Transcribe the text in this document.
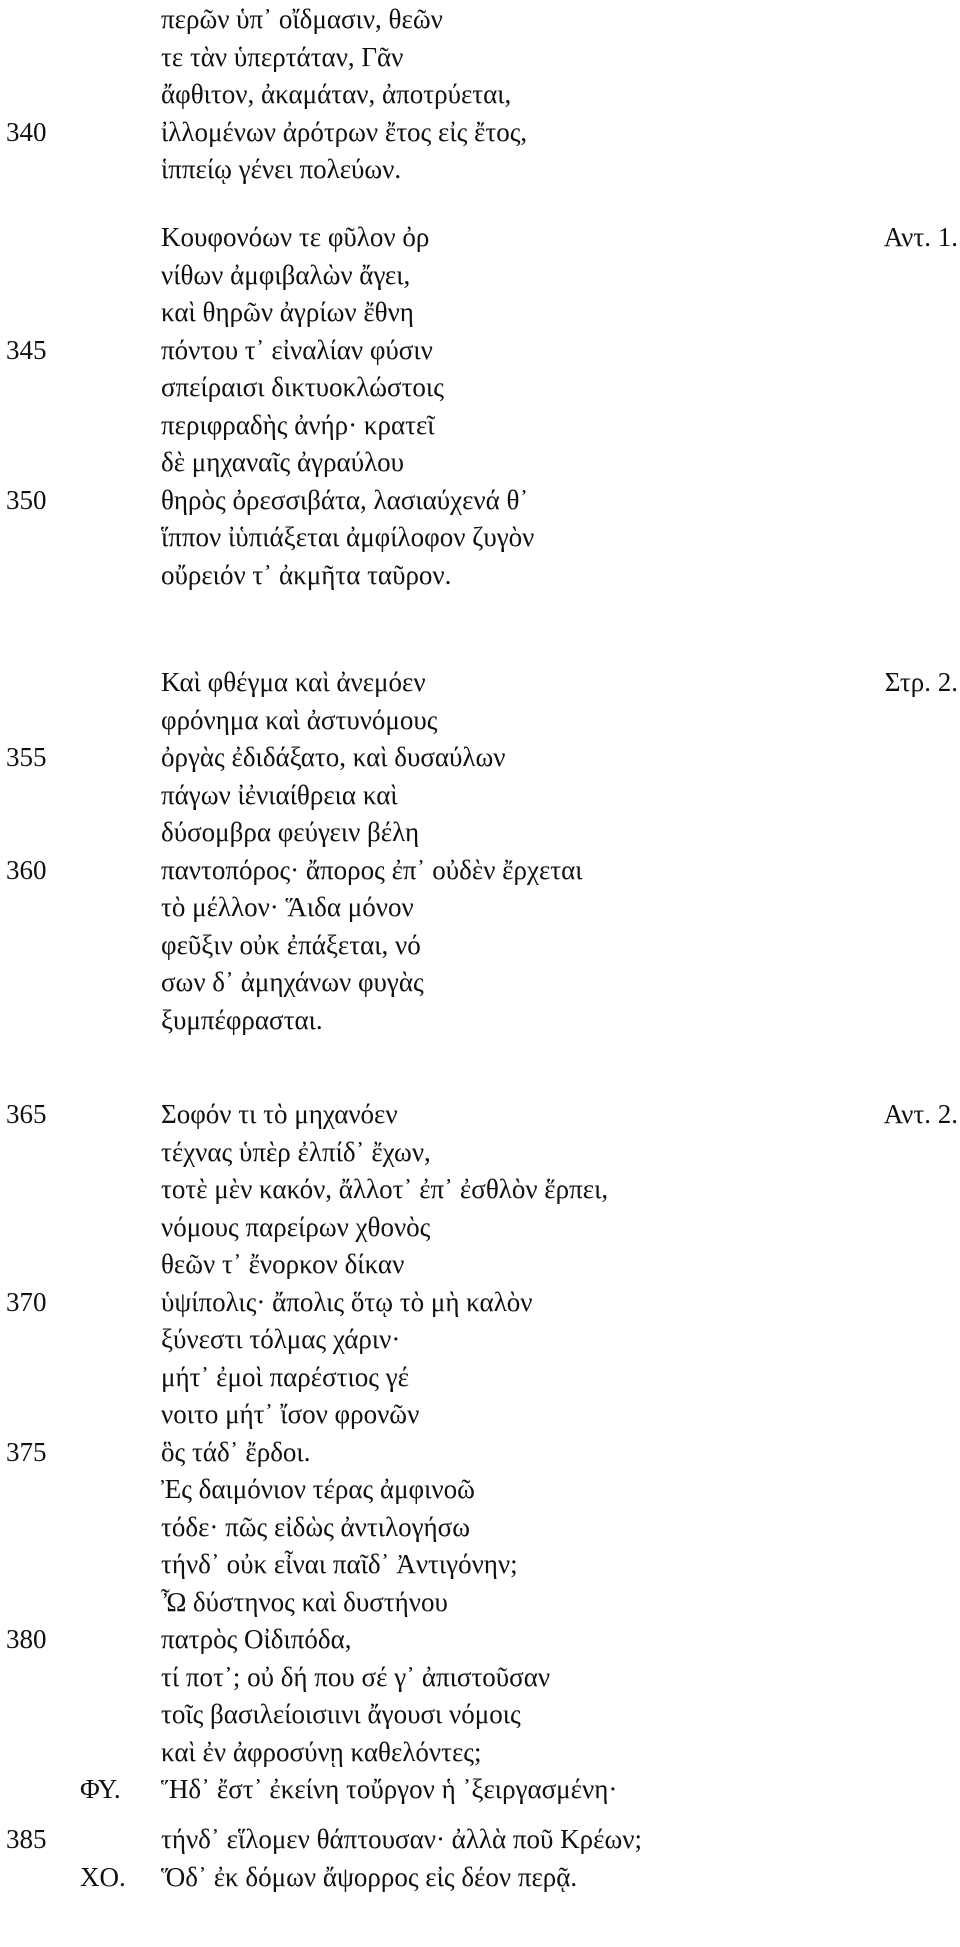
περῶν ὑπ᾽ οἴδμασιν, θεῶν
τε τὰν ὑπερτάταν, Γᾶν
ἄφθιτον, ἀκαμάταν, ἀποτρύεται,
340	ἰλλομένων ἀρότρων ἔτος εἰς ἔτος,
ἱππείῳ γένει πολεύων.
Κουφονόων τε φῦλον ὀρ	Αντ. 1.
νίθων ἀμφιβαλὼν ἄγει,
καὶ θηρῶν ἀγρίων ἔθνη
345	πόντου τ᾽ εἰναλίαν φύσιν
σπείραισι δικτυοκλώστοις
περιφραδὴς ἀνήρ· κρατεῖ
δὲ μηχαναῖς ἀγραύλου
350	θηρὸς ὀρεσσιβάτα, λασιαύχενά θ᾽
ἵππον ἰὑπιάξεται ἀμφίλοφον ζυγὸν
οὔρειόν τ᾽ ἀκμῆτα ταῦρον.
Καὶ φθέγμα καὶ ἀνεμόεν	Στρ. 2.
φρόνημα καὶ ἀστυνόμους
355	ὀργὰς ἐδιδάξατο, καὶ δυσαύλων
πάγων ἰἐνιαίθρεια καὶ
δύσομβρα φεύγειν βέλη
360	παντοπόρος· ἄπορος ἐπ᾽ οὐδὲν ἔρχεται
τὸ μέλλον· Ἅιδα μόνον
φεῦξιν οὐκ ἐπάξεται, νό
σων δ᾽ ἀμηχάνων φυγὰς
ξυμπέφρασται.
365	Σοφόν τι τὸ μηχανόεν	Αντ. 2.
τέχνας ὑπὲρ ἐλπίδ᾽ ἔχων,
τοτὲ μὲν κακόν, ἄλλοτ᾽ ἐπ᾽ ἐσθλὸν ἕρπει,
νόμους παρείρων χθονὸς
θεῶν τ᾽ ἔνορκον δίκαν
370	ὑψίπολις· ἄπολις ὅτῳ τὸ μὴ καλὸν
ξύνεστι τόλμας χάριν·
μήτ᾽ ἐμοὶ παρέστιος γέ
νοιτο μήτ᾽ ἴσον φρονῶν
375	ὃς τάδ᾽ ἔρδοι.
Ἐς δαιμόνιον τέρας ἀμφινοῶ
τόδε· πῶς εἰδὼς ἀντιλογήσω
τήνδ᾽ οὐκ εἶναι παῖδ᾽ Ἀντιγόνην;
Ὦ δύστηνος καὶ δυστήνου
380	πατρὸς Οἰδιπόδα,
τί ποτ᾽; οὐ δή που σέ γ᾽ ἀπιστοῦσαν
τοῖς βασιλείοισιινι ἄγουσι νόμοις
καὶ ἐν ἀφροσύνῃ καθελόντες;
ΦΥ. Ἥδ᾽ ἔστ᾽ ἐκείνη τοὔργον ἡ ᾽ξειργασμένη·
385	τήνδ᾽ εἵλομεν θάπτουσαν· ἀλλὰ ποῦ Κρέων;
ΧΟ. Ὅδ᾽ ἐκ δόμων ἄψορρος εἰς δέον περᾷ.
